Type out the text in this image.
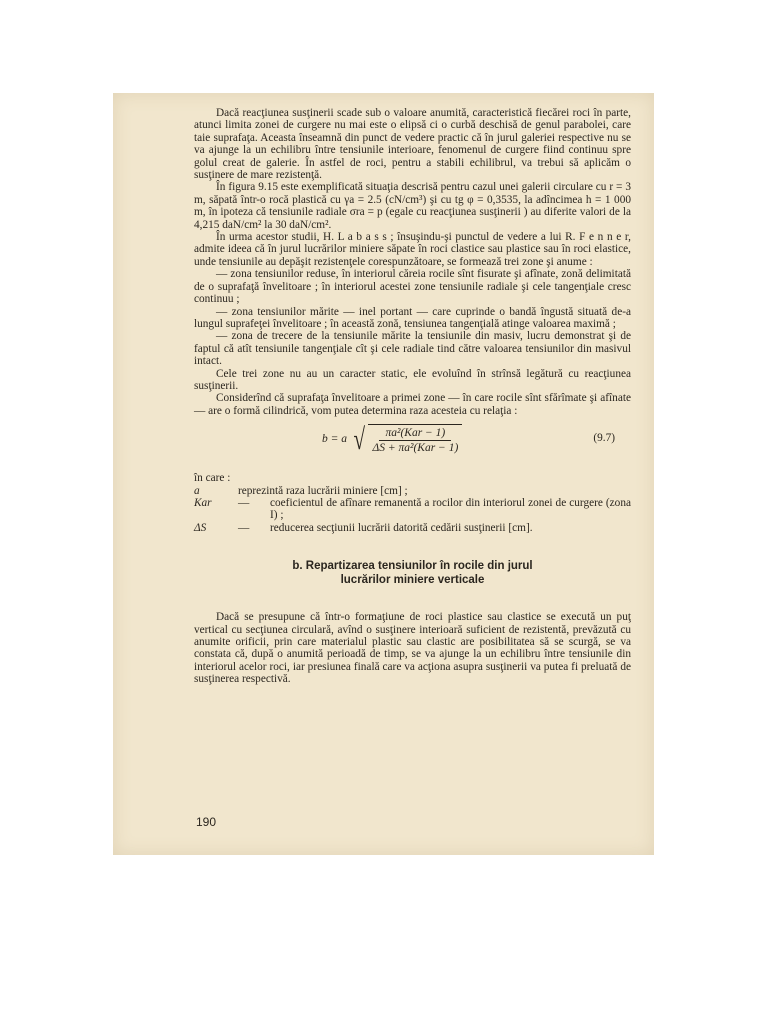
Dacă reacţiunea susţinerii scade sub o valoare anumită, caracteristică fiecărei roci în parte, atunci limita zonei de curgere nu mai este o elipsă ci o curbă deschisă de genul parabolei, care taie suprafaţa. Aceasta înseamnă din punct de vedere practic că în jurul galeriei respective nu se va ajunge la un echilibru între tensiunile interioare, fenomenul de curgere fiind continuu spre golul creat de galerie. În astfel de roci, pentru a stabili echilibrul, va trebui să aplicăm o susţinere de mare rezistenţă.

În figura 9.15 este exemplificată situaţia descrisă pentru cazul unei galerii circulare cu r = 3 m, săpată într-o rocă plastică cu γa = 2.5 (cN/cm³) şi cu tg φ = 0,3535, la adîncimea h = 1 000 m, în ipoteza că tensiunile radiale σra = p (egale cu reacţiunea susţinerii ) au diferite valori de la 4,215 daN/cm² la 30 daN/cm².

În urma acestor studii, H. L a b a s s ; însuşindu-şi punctul de vedere a lui R. F e n n e r, admite ideea că în jurul lucrărilor miniere săpate în roci clastice sau plastice sau în roci elastice, unde tensiunile au depăşit rezistenţele corespunzătoare, se formează trei zone şi anume :

— zona tensiunilor reduse, în interiorul căreia rocile sînt fisurate şi afînate, zonă delimitată de o suprafaţă învelitoare ; în interiorul acestei zone tensiunile radiale şi cele tangenţiale cresc continuu ;

— zona tensiunilor mărite — inel portant — care cuprinde o bandă îngustă situată de-a lungul suprafeţei învelitoare ; în această zonă, tensiunea tangenţială atinge valoarea maximă ;

— zona de trecere de la tensiunile mărite la tensiunile din masiv, lucru demonstrat şi de faptul că atît tensiunile tangenţiale cît şi cele radiale tind către valoarea tensiunilor din masivul intact.

Cele trei zone nu au un caracter static, ele evoluînd în strînsă legătură cu reacţiunea susţinerii.

Considerînd că suprafaţa învelitoare a primei zone — în care rocile sînt sfărîmate şi afînate — are o formă cilindrică, vom putea determina raza acesteia cu relaţia :

b = a √ $\frac{\text{πa²(Kar − 1)}}{\text{ΔS + πa²(Kar − 1)}}$	(9.7)

în care :

a	reprezintă raza lucrării miniere [cm] ;
Kar	—	coeficientul de afînare remanentă a rocilor din interiorul zonei de curgere (zona I) ;
ΔS	—	reducerea secţiunii lucrării datorită cedării susţinerii [cm].
b. Repartizarea tensiunilor în rocile din jurul
lucrărilor miniere verticale

Dacă se presupune că într-o formaţiune de roci plastice sau clastice se execută un puţ vertical cu secţiunea circulară, avînd o susţinere interioară suficient de rezistentă, prevăzută cu anumite orificii, prin care materialul plastic sau clastic are posibilitatea să se scurgă, se va constata că, după o anumită perioadă de timp, se va ajunge la un echilibru între tensiunile din interiorul acelor roci, iar presiunea finală care va acţiona asupra susţinerii va putea fi preluată de susţinerea respectivă.

190
